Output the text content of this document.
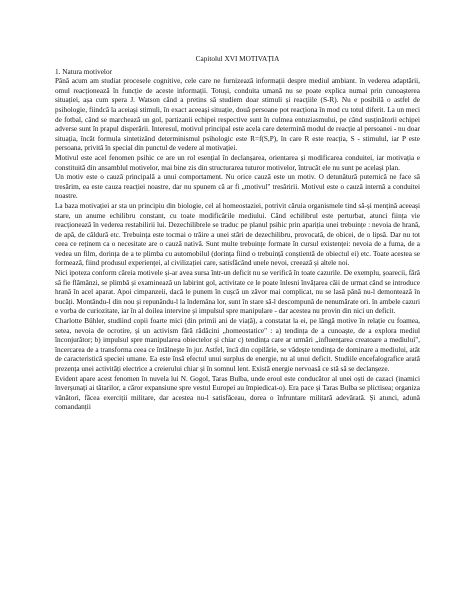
Capitolul XVI MOTIVAȚIA

1. Natura motivelor

Până acum am studiat procesele cognitive, cele care ne furnizează informații despre mediul ambiant. în vederea adaptării, omul reacționează în funcție de aceste informații. Totuși, conduita umană nu se poate explica numai prin cunoașterea situației, așa cum spera J. Watson când a pretins să studiem doar stimuli și reacțiile (S-R). Nu e posibilă o astfel de psihologie, fiindcă la aceiași stimuli, în exact aceeași situație, două persoane pot reacționa în mod cu totul diferit. La un meci de fotbal, când se marchează un gol, partizanii echipei respective sunt în culmea entuziasmului, pe când susținătorii echipei adverse sunt în prapul disperării. Interesul, motivul principal este acela care determină modul de reacție al persoanei - nu doar situația, încât formula sintetizând determinismul psihologic este R=f(S,P), în care R este reacția, S - stimulul, iar P este persoana, privită în special din punctul de vedere al motivației.

Motivul este acel fenomen psihic ce are un rol esențial în declanșarea, orientarea și modificarea conduitei, iar motivația e constituită din ansamblul motivelor, mai bine zis din structurarea tuturor motivelor, întrucât ele nu sunt pe același plan.

Un motiv este o cauză principală a unui comportament. Nu orice cauză este un motiv. O detunătură puternică ne face să tresărim, ea este cauza reacției noastre, dar nu spunem că ar fi „motivul" tresăririi. Motivul este o cauză internă a conduitei noastre.

La baza motivației ar sta un principiu din biologie, cel al homeostaziei, potrivit căruia organismele tind să-și mențină aceeași stare, un anume echilibru constant, cu toate modificările mediului. Când echilibrul este perturbat, atunci ființa vie reacționează în vederea restabilirii lui. Dezechilibrele se traduc pe planul psihic prin apariția unei trebuințe : nevoia de hrană, de apă, de căldură etc. Trebuința este tocmai o trăire a unei stări de dezechilibru, provocată, de obicei, de o lipsă. Dar nu tot ceea ce reținem ca o necesitate are o cauză nativă. Sunt multe trebuințe formate în cursul existenței: nevoia de a fuma, de a vedea un film, dorința de a te plimba cu automobilul (dorința fiind o trebuință conștientă de obiectul ei) etc. Toate acestea se formează, fiind produsul experienței, al civilizației care, satisfăcând unele nevoi, creează și altele noi.

Nici ipoteza conform căreia motivele și-ar avea sursa într-un deficit nu se verifică în toate cazurile. De exemplu, șoarecii, fără să fie flămânzi, se plimbă și examinează un labirint gol, activitate ce le poate înlesni învățarea căii de urmat când se introduce hrană în acel aparat. Apoi cimpanzeii, dacă le punem în cușcă un zăvor mai complicat, nu se lasă până nu-l demontează în bucăți. Montându-l din nou și repunându-l la îndemâna lor, sunt în stare să-l descompună de nenumărate ori. în ambele cazuri e vorba de curiozitate, iar în al doilea intervine și impulsul spre manipulare - dar acestea nu provin din nici un deficit.

Charlotte Bühler, studiind copii foarte mici (din primii ani de viață), a constatat la ei, pe lângă motive în relație cu foamea, setea, nevoia de ocrotire, și un activism fără rădăcini „homeostatice" : a) tendința de a cunoaște, de a explora mediul înconjurător; b) impulsul spre manipularea obiectelor și chiar c) tendința care ar urmări „influențarea creatoare a mediului", încercarea de a transforma ceea ce întâlnește în jur. Astfel, încă din copilărie, se vădește tendința de dominare a mediului, atât de caracteristică speciei umane. Ea este însă efectul unui surplus de energie, nu al unui deficit. Studiile encefalografice arată prezența unei activități electrice a creierului chiar și în somnul lent. Există energie nervoasă ce stă să se declanșeze.

Evident apare acest fenomen în nuvela lui N. Gogol, Taras Bulba, unde eroul este conducător al unei oști de cazaci (inamici înverșunați ai tătarilor, a căror expansiune spre vestul Europei au împiedicat-o). Era pace și Taras Bulba se plictisea; organiza vânători, făcea exerciții militare, dar acestea nu-l satisfăceau, dorea o înfruntare militară adevărată. Și atunci, adună comandanții
